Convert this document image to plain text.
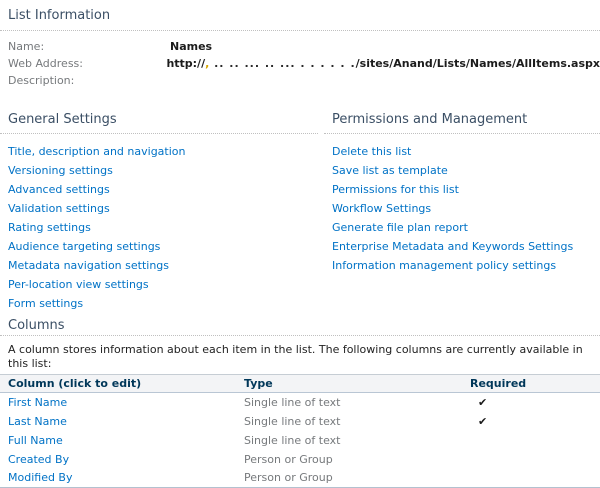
List Information
Name:	Names
Web Address:	http://, .. .. ... .. ... . . . . . ./sites/Anand/Lists/Names/AllItems.aspx
Description:
General Settings
Title, description and navigation
Versioning settings
Advanced settings
Validation settings
Rating settings
Audience targeting settings
Metadata navigation settings
Per-location view settings
Form settings
Permissions and Management
Delete this list
Save list as template
Permissions for this list
Workflow Settings
Generate file plan report
Enterprise Metadata and Keywords Settings
Information management policy settings
Columns
A column stores information about each item in the list. The following columns are currently available in this list:
Column (click to edit)	Type	Required
First Name	Single line of text	✔
Last Name	Single line of text	✔
Full Name	Single line of text	
Created By	Person or Group	
Modified By	Person or Group	
